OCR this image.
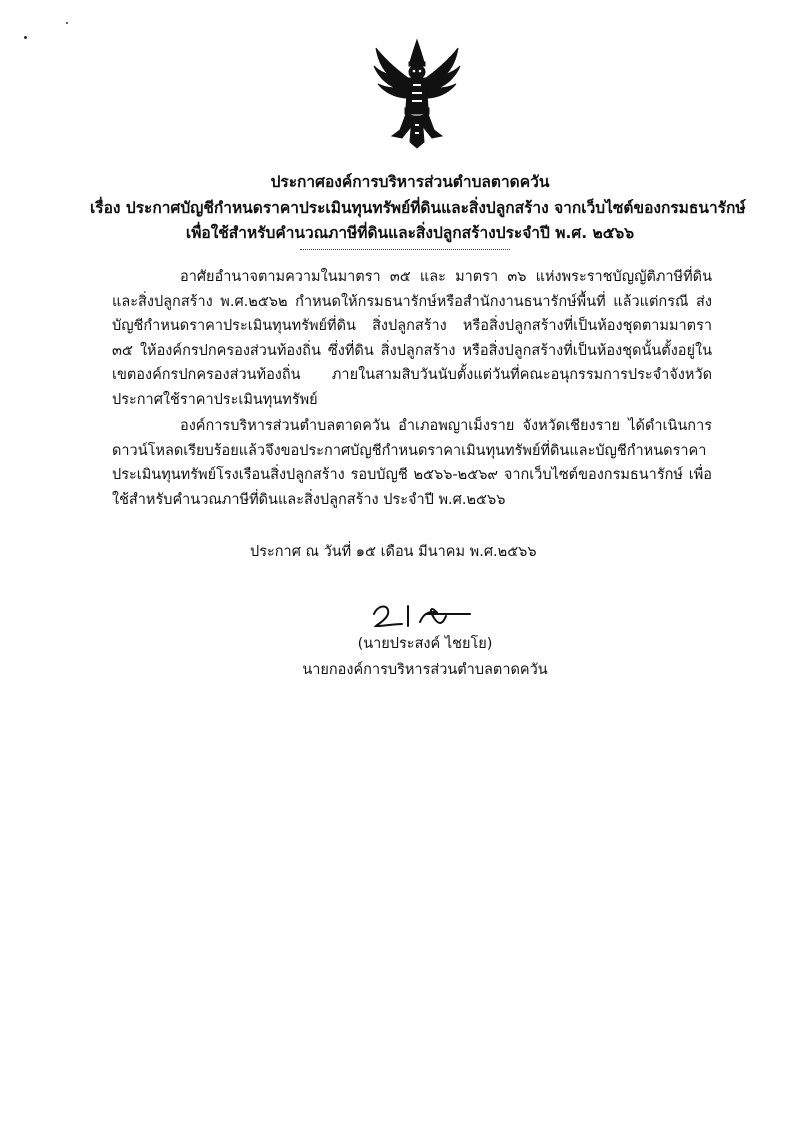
ประกาศองค์การบริหารส่วนตำบลตาดควัน
เรื่อง ประกาศบัญชีกำหนดราคาประเมินทุนทรัพย์ที่ดินและสิ่งปลูกสร้าง จากเว็บไซต์ของกรมธนารักษ์
เพื่อใช้สำหรับคำนวณภาษีที่ดินและสิ่งปลูกสร้างประจำปี พ.ศ. ๒๕๖๖
อาศัยอำนาจตามความในมาตรา ๓๕ และ มาตรา ๓๖ แห่งพระราชบัญญัติภาษีที่ดินและสิ่งปลูกสร้าง พ.ศ.๒๕๖๒ กำหนดให้กรมธนารักษ์หรือสำนักงานธนารักษ์พื้นที่ แล้วแต่กรณี ส่งบัญชีกำหนดราคาประเมินทุนทรัพย์ที่ดิน สิ่งปลูกสร้าง หรือสิ่งปลูกสร้างที่เป็นห้องชุดตามมาตรา ๓๕ ให้องค์กรปกครองส่วนท้องถิ่น ซึ่งที่ดิน สิ่งปลูกสร้าง หรือสิ่งปลูกสร้างที่เป็นห้องชุดนั้นตั้งอยู่ในเขตองค์กรปกครองส่วนท้องถิ่น ภายในสามสิบวันนับตั้งแต่วันที่คณะอนุกรรมการประจำจังหวัดประกาศใช้ราคาประเมินทุนทรัพย์
องค์การบริหารส่วนตำบลตาดควัน อำเภอพญาเม็งราย จังหวัดเชียงราย ได้ดำเนินการดาวน์โหลดเรียบร้อยแล้วจึงขอประกาศบัญชีกำหนดราคาเมินทุนทรัพย์ที่ดินและบัญชีกำหนดราคาประเมินทุนทรัพย์โรงเรือนสิ่งปลูกสร้าง รอบบัญชี ๒๕๖๖-๒๕๖๙ จากเว็บไซต์ของกรมธนารักษ์ เพื่อใช้สำหรับคำนวณภาษีที่ดินและสิ่งปลูกสร้าง ประจำปี พ.ศ.๒๕๖๖
ประกาศ ณ วันที่ ๑๕ เดือน มีนาคม พ.ศ.๒๕๖๖
(นายประสงค์ ไชยโย)
นายกองค์การบริหารส่วนตำบลตาดควัน
